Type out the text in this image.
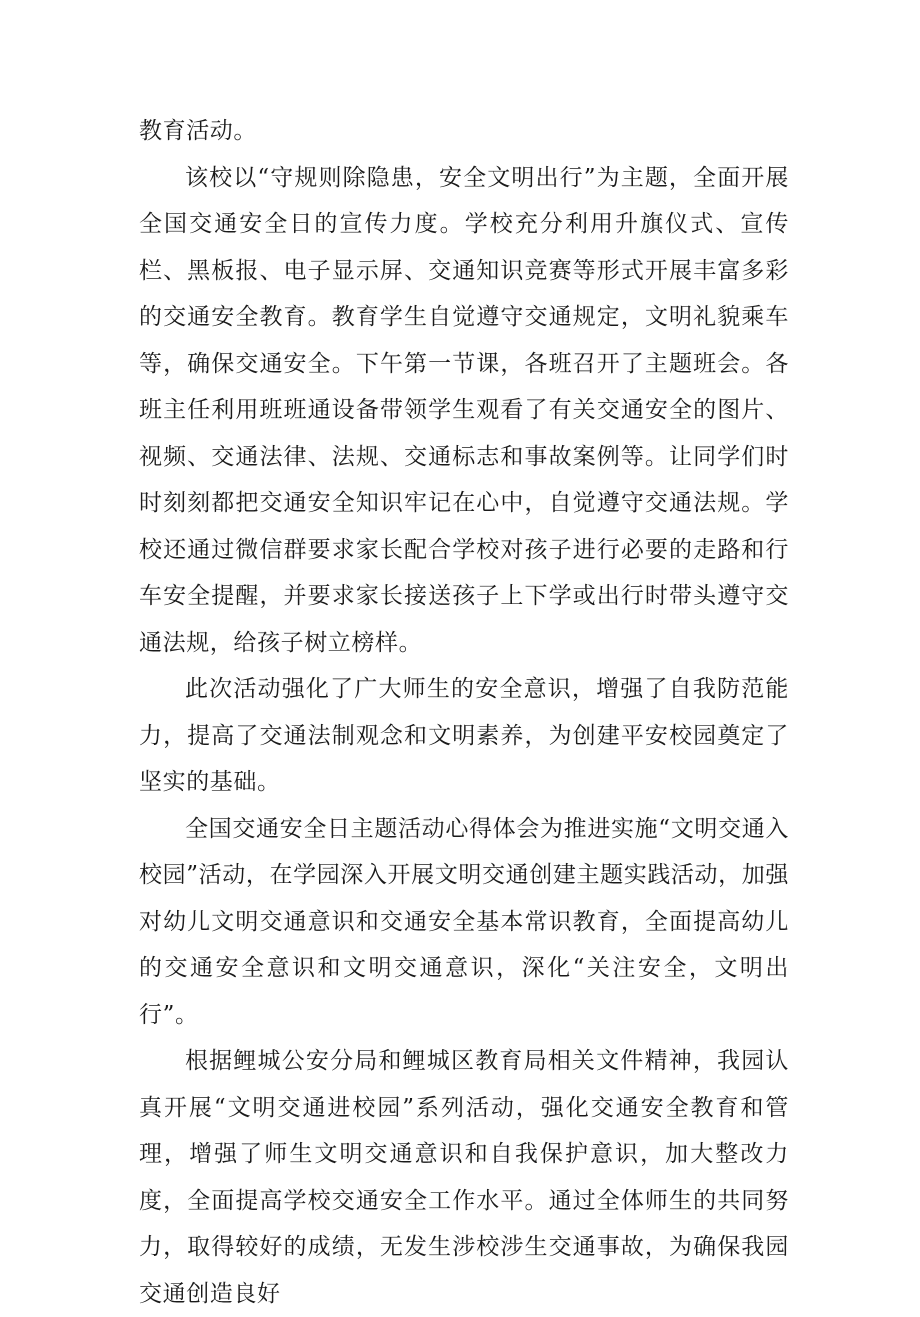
教育活动。

该校以“守规则除隐患，安全文明出行”为主题，全面开展全国交通安全日的宣传力度。学校充分利用升旗仪式、宣传栏、黑板报、电子显示屏、交通知识竞赛等形式开展丰富多彩的交通安全教育。教育学生自觉遵守交通规定，文明礼貌乘车等，确保交通安全。下午第一节课，各班召开了主题班会。各班主任利用班班通设备带领学生观看了有关交通安全的图片、视频、交通法律、法规、交通标志和事故案例等。让同学们时时刻刻都把交通安全知识牢记在心中，自觉遵守交通法规。学校还通过微信群要求家长配合学校对孩子进行必要的走路和行车安全提醒，并要求家长接送孩子上下学或出行时带头遵守交通法规，给孩子树立榜样。

此次活动强化了广大师生的安全意识，增强了自我防范能力，提高了交通法制观念和文明素养，为创建平安校园奠定了坚实的基础。

全国交通安全日主题活动心得体会为推进实施“文明交通入校园”活动，在学园深入开展文明交通创建主题实践活动，加强对幼儿文明交通意识和交通安全基本常识教育，全面提高幼儿的交通安全意识和文明交通意识，深化“关注安全，文明出行”。

根据鲤城公安分局和鲤城区教育局相关文件精神，我园认真开展“文明交通进校园”系列活动，强化交通安全教育和管理，增强了师生文明交通意识和自我保护意识，加大整改力度，全面提高学校交通安全工作水平。通过全体师生的共同努力，取得较好的成绩，无发生涉校涉生交通事故，为确保我园交通创造良好
